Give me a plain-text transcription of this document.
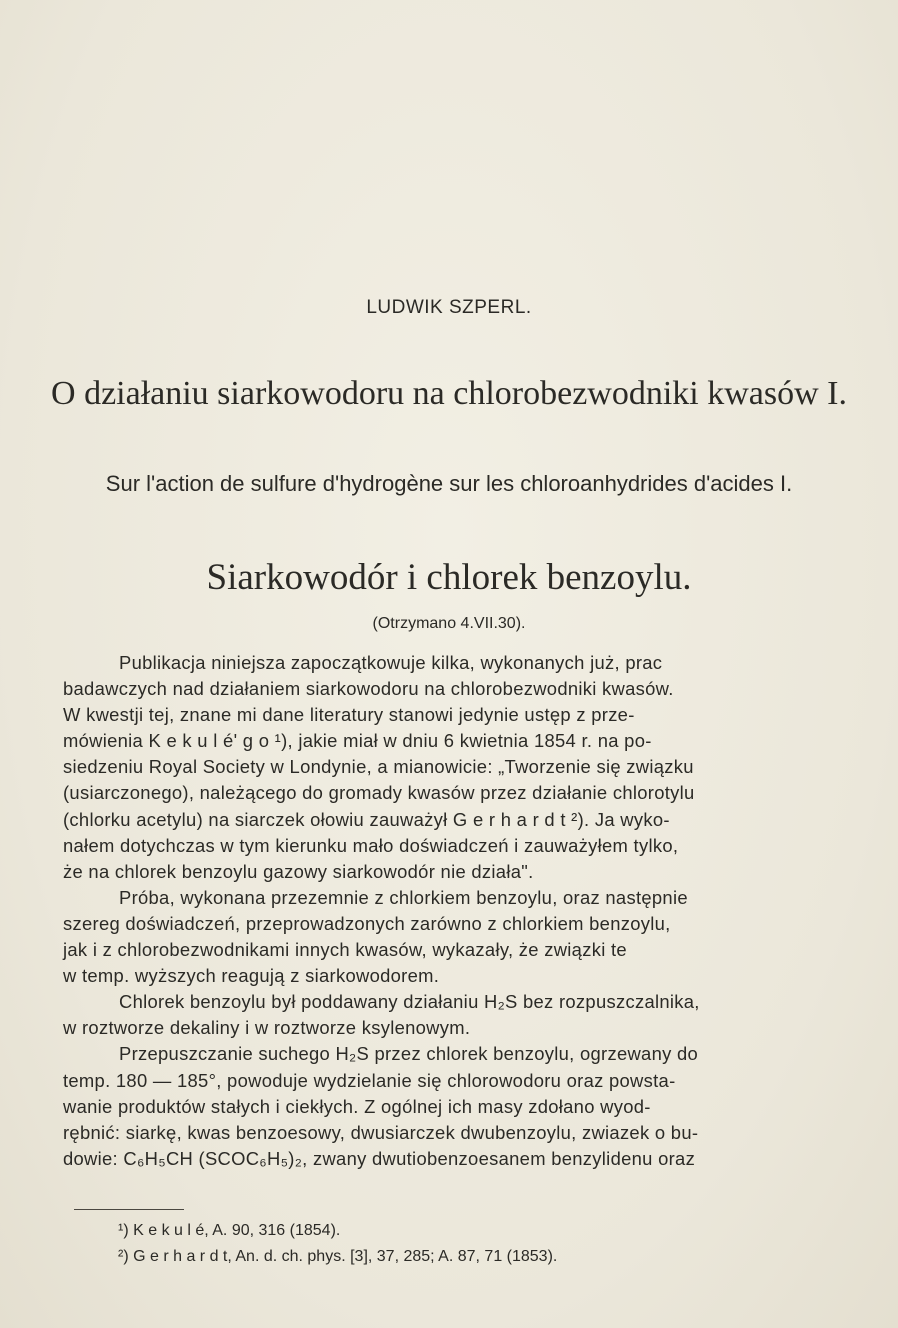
LUDWIK SZPERL.
O działaniu siarkowodoru na chlorobezwodniki kwasów I.
Sur l'action de sulfure d'hydrogène sur les chloroanhydrides d'acides I.
Siarkowodór i chlorek benzoylu.
(Otrzymano 4.VII.30).
Publikacja niniejsza zapoczątkowuje kilka, wykonanych już, prac
badawczych nad działaniem siarkowodoru na chlorobezwodniki kwasów.
W kwestji tej, znane mi dane literatury stanowi jedynie ustęp z prze-
mówienia K e k u l é' g o ¹), jakie miał w dniu 6 kwietnia 1854 r. na po-
siedzeniu Royal Society w Londynie, a mianowicie: „Tworzenie się związku
(usiarczonego), należącego do gromady kwasów przez działanie chlorotylu
(chlorku acetylu) na siarczek ołowiu zauważył G e r h a r d t ²). Ja wyko-
nałem dotychczas w tym kierunku mało doświadczeń i zauważyłem tylko,
że na chlorek benzoylu gazowy siarkowodór nie działa".
Próba, wykonana przezemnie z chlorkiem benzoylu, oraz następnie
szereg doświadczeń, przeprowadzonych zarówno z chlorkiem benzoylu,
jak i z chlorobezwodnikami innych kwasów, wykazały, że związki te
w temp. wyższych reagują z siarkowodorem.
Chlorek benzoylu był poddawany działaniu H₂S bez rozpuszczalnika,
w roztworze dekaliny i w roztworze ksylenowym.
Przepuszczanie suchego H₂S przez chlorek benzoylu, ogrzewany do
temp. 180 — 185°, powoduje wydzielanie się chlorowodoru oraz powsta-
wanie produktów stałych i ciekłych. Z ogólnej ich masy zdołano wyod-
rębnić: siarkę, kwas benzoesowy, dwusiarczek dwubenzoylu, zwiazek o bu-
dowie: C₆H₅CH (SCOC₆H₅)₂, zwany dwutiobenzoesanem benzylidenu oraz
¹) K e k u l é, A. 90, 316 (1854).
²) G e r h a r d t, An. d. ch. phys. [3], 37, 285; A. 87, 71 (1853).
